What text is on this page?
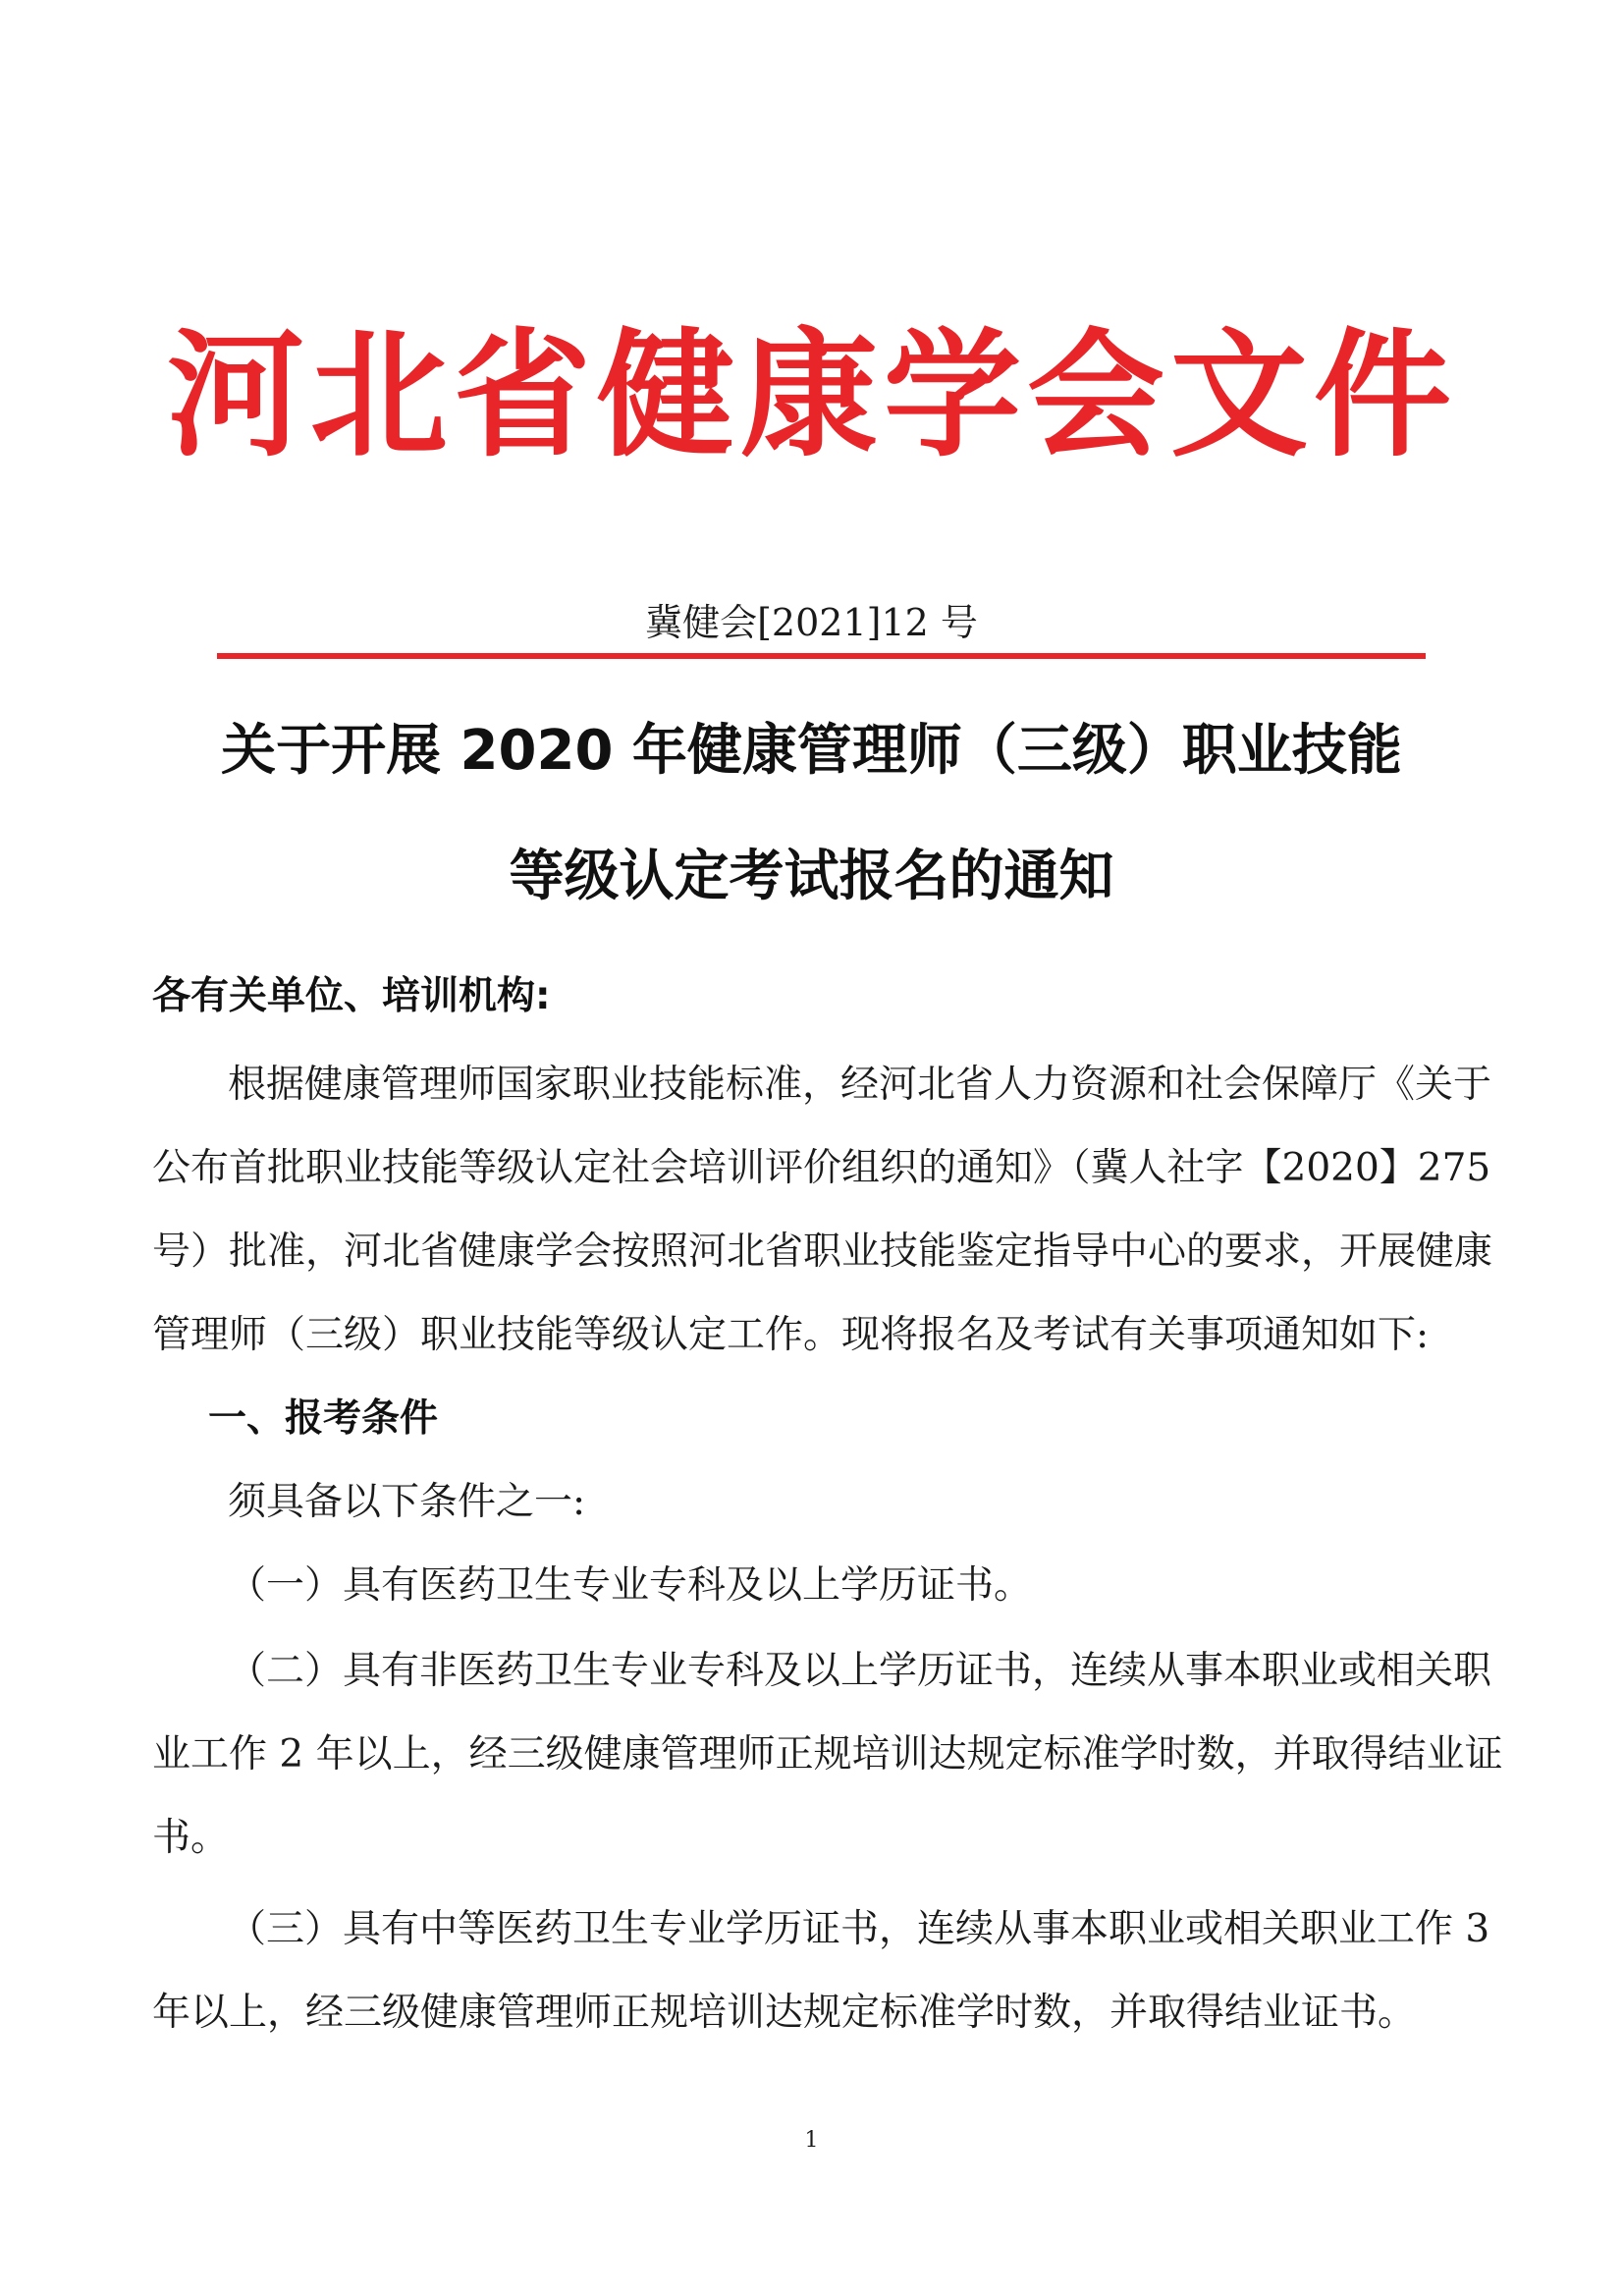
河北省健康学会文件
冀健会[2021]12 号
关于开展 2020 年健康管理师（三级）职业技能
等级认定考试报名的通知
各有关单位、培训机构:
根据健康管理师国家职业技能标准，经河北省人力资源和社会保障厅《关于
公布首批职业技能等级认定社会培训评价组织的通知》（冀人社字【2020】275
号）批准，河北省健康学会按照河北省职业技能鉴定指导中心的要求，开展健康
管理师（三级）职业技能等级认定工作。现将报名及考试有关事项通知如下:
一、报考条件
须具备以下条件之一:
（一）具有医药卫生专业专科及以上学历证书。
（二）具有非医药卫生专业专科及以上学历证书，连续从事本职业或相关职
业工作 2 年以上，经三级健康管理师正规培训达规定标准学时数，并取得结业证
书。
（三）具有中等医药卫生专业学历证书，连续从事本职业或相关职业工作 3
年以上，经三级健康管理师正规培训达规定标准学时数，并取得结业证书。
1
